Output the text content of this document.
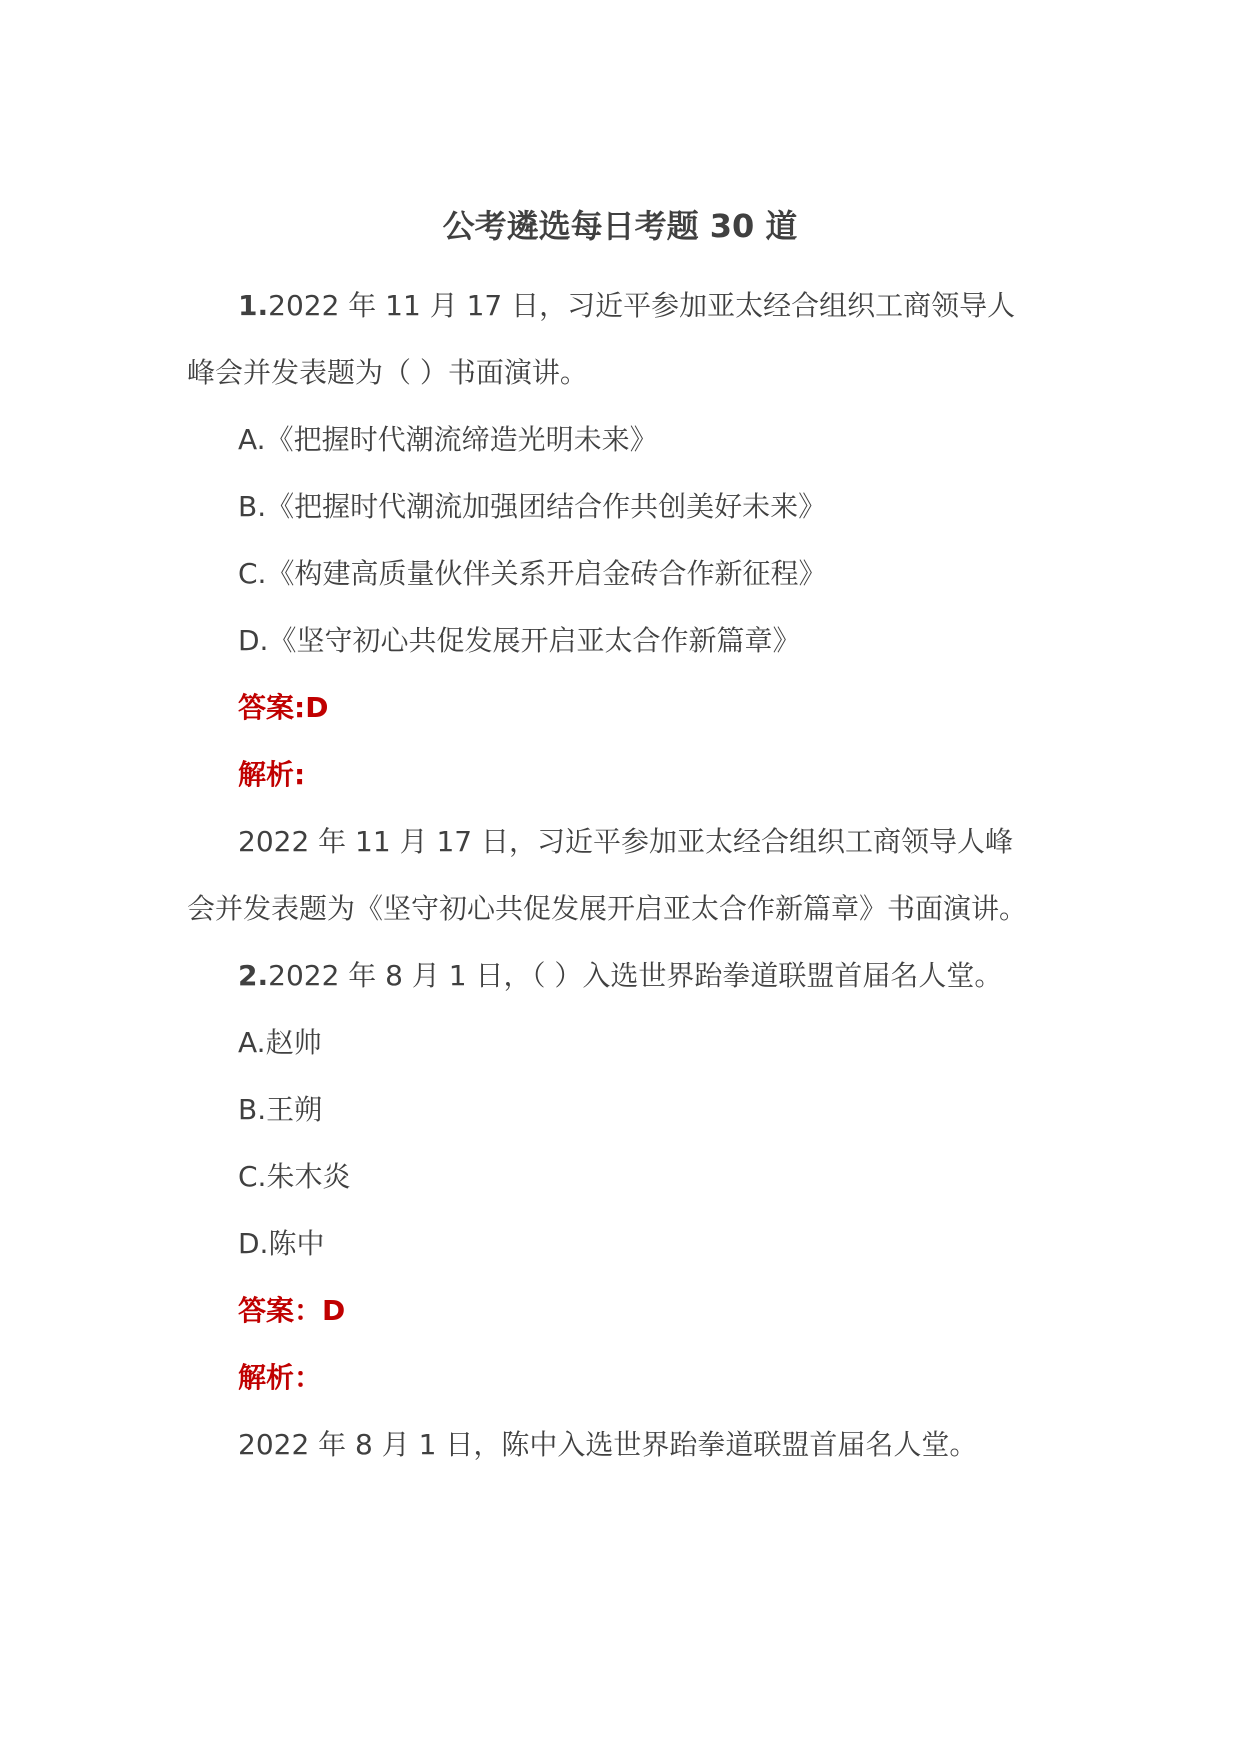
公考遴选每日考题 30 道
1.2022 年 11 月 17 日，习近平参加亚太经合组织工商领导人
峰会并发表题为（ ）书面演讲。
A.《把握时代潮流缔造光明未来》
B.《把握时代潮流加强团结合作共创美好未来》
C.《构建高质量伙伴关系开启金砖合作新征程》
D.《坚守初心共促发展开启亚太合作新篇章》
答案:D
解析:
2022 年 11 月 17 日，习近平参加亚太经合组织工商领导人峰
会并发表题为《坚守初心共促发展开启亚太合作新篇章》书面演讲。
2.2022 年 8 月 1 日，（ ）入选世界跆拳道联盟首届名人堂。
A.赵帅
B.王朔
C.朱木炎
D.陈中
答案：D
解析：
2022 年 8 月 1 日，陈中入选世界跆拳道联盟首届名人堂。
